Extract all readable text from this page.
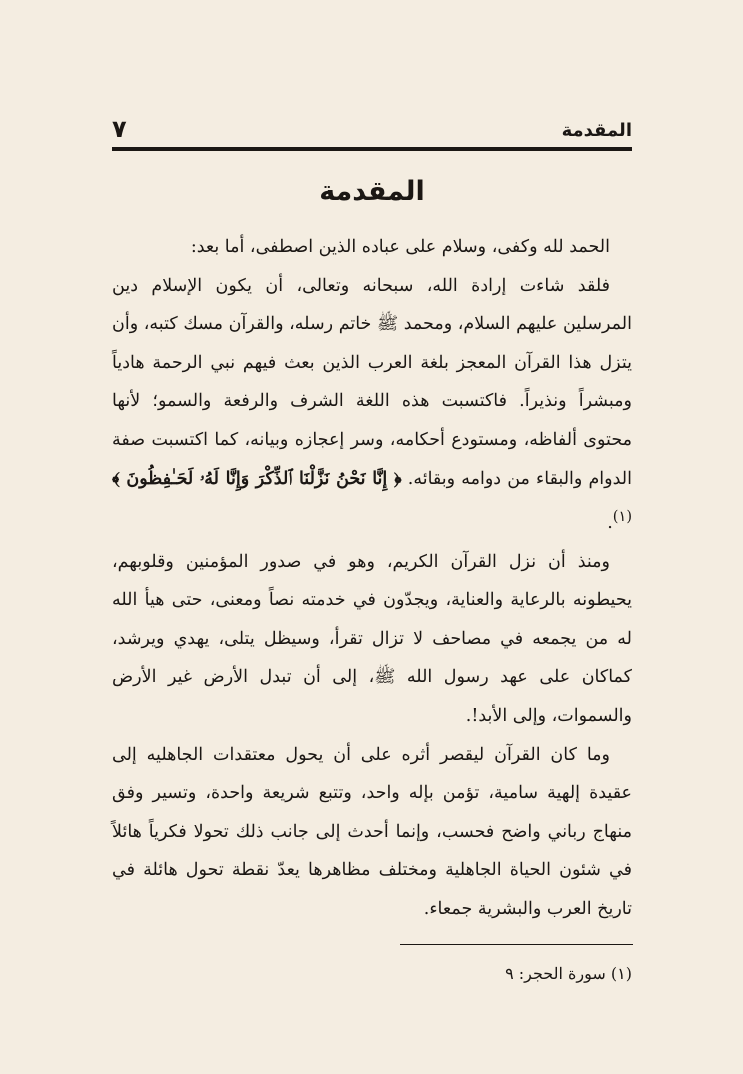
٧	المقدمة
المقدمة

الحمد لله وكفى، وسلام على عباده الذين اصطفى، أما بعد:

فلقد شاءت إرادة الله، سبحانه وتعالى، أن يكون الإسلام دين المرسلين عليهم السلام، ومحمد ﷺ خاتم رسله، والقرآن مسك كتبه، وأن يتزل هذا القرآن المعجز بلغة العرب الذين بعث فيهم نبي الرحمة هادياً ومبشراً ونذيراً. فاكتسبت هذه اللغة الشرف والرفعة والسمو؛ لأنها محتوى ألفاظه، ومستودع أحكامه، وسر إعجازه وبيانه، كما اكتسبت صفة الدوام والبقاء من دوامه وبقائه. ﴿ إِنَّا نَحْنُ نَزَّلْنَا ٱلذِّكْرَ وَإِنَّا لَهُۥ لَحَـٰفِظُونَ ﴾$^{(١)}$.

ومنذ أن نزل القرآن الكريم، وهو في صدور المؤمنين وقلوبهم، يحيطونه بالرعاية والعناية، ويجدّون في خدمته نصاً ومعنى، حتى هيأ الله له من يجمعه في مصاحف لا تزال تقرأ، وسيظل يتلى، يهدي ويرشد، كماكان على عهد رسول الله ﷺ، إلى أن تبدل الأرض غير الأرض والسموات، وإلى الأبد!.

وما كان القرآن ليقصر أثره على أن يحول معتقدات الجاهليه إلى عقيدة إلهية سامية، تؤمن بإله واحد، وتتبع شريعة واحدة، وتسير وفق منهاج رباني واضح فحسب، وإنما أحدث إلى جانب ذلك تحولا فكرياً هائلاً في شئون الحياة الجاهلية ومختلف مظاهرها يعدّ نقطة تحول هائلة في تاريخ العرب والبشرية جمعاء.

(١) سورة الحجر: ٩
